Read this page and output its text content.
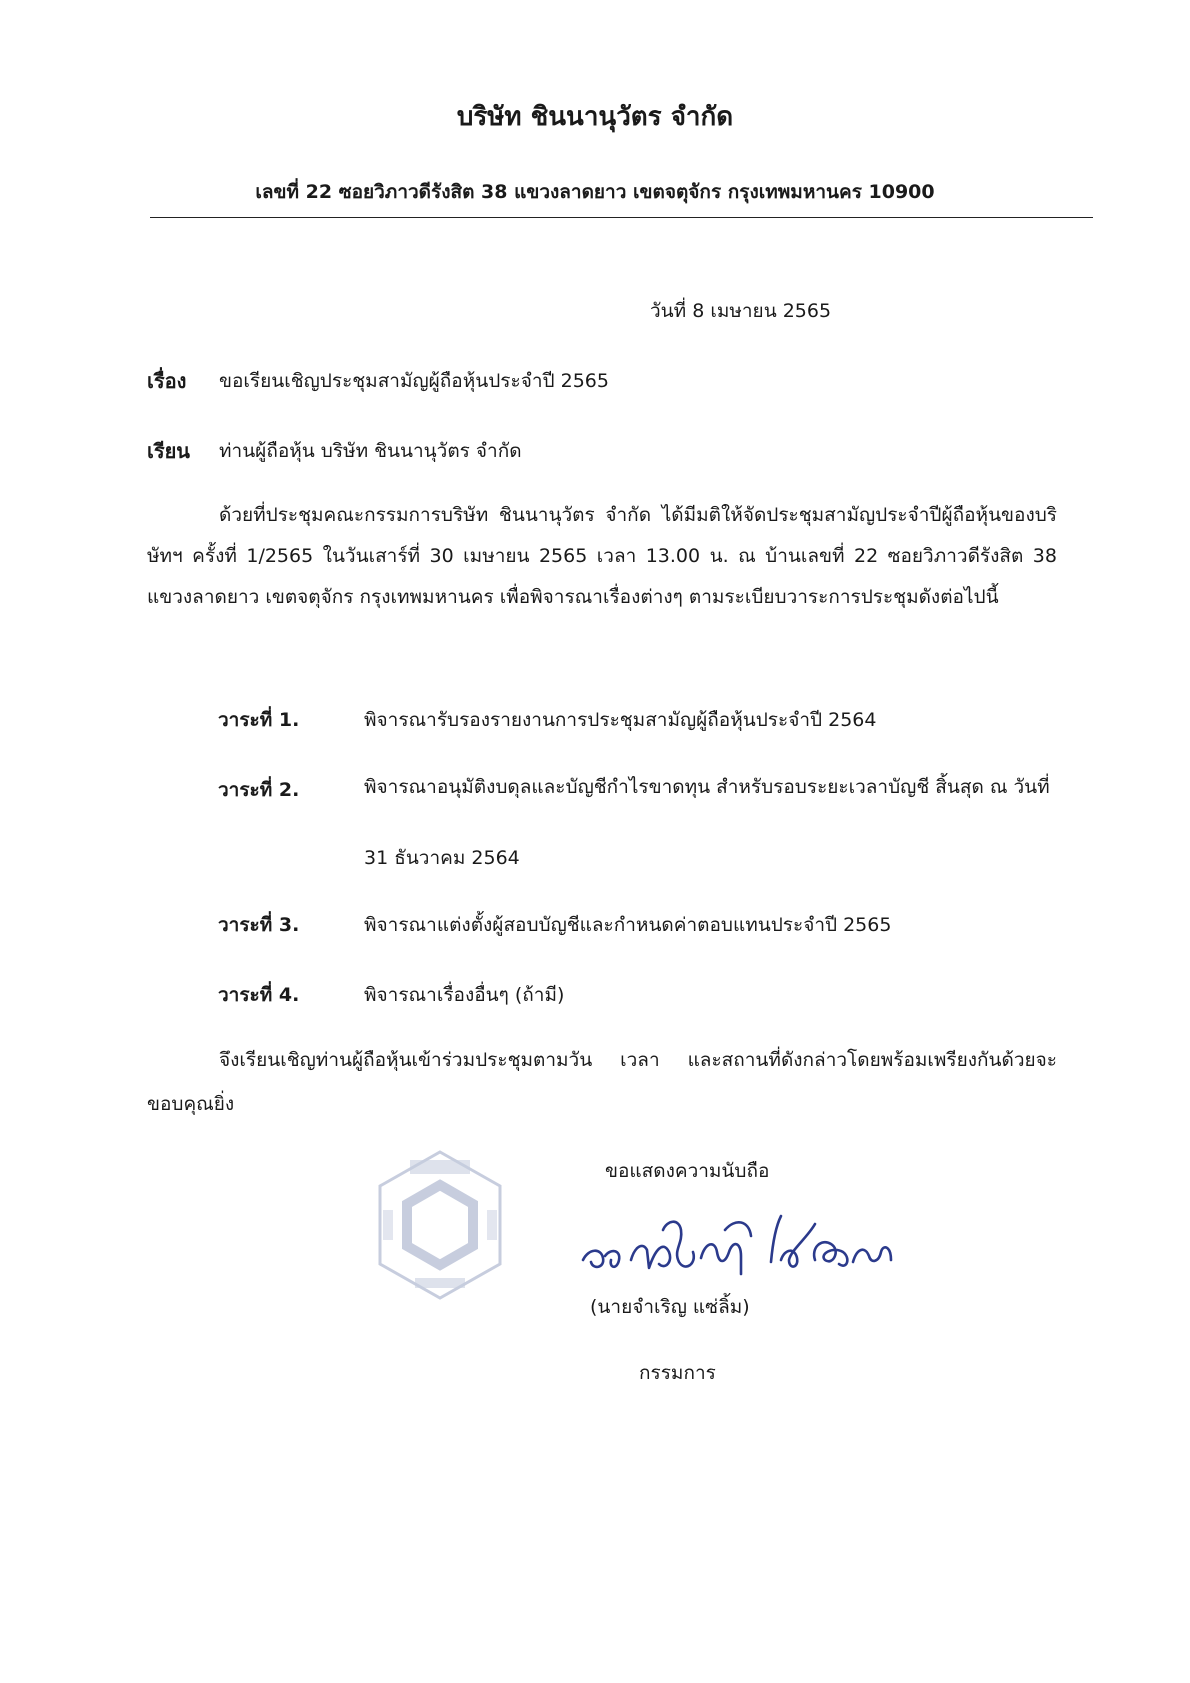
บริษัท ชินนานุวัตร จำกัด
เลขที่ 22 ซอยวิภาวดีรังสิต 38 แขวงลาดยาว เขตจตุจักร กรุงเทพมหานคร 10900
วันที่ 8 เมษายน 2565
เรื่อง ขอเรียนเชิญประชุมสามัญผู้ถือหุ้นประจำปี 2565
เรียน ท่านผู้ถือหุ้น บริษัท ชินนานุวัตร จำกัด
ด้วยที่ประชุมคณะกรรมการบริษัท ชินนานุวัตร จำกัด ได้มีมติให้จัดประชุมสามัญประจำปีผู้ถือหุ้นของบริษัทฯ ครั้งที่ 1/2565 ในวันเสาร์ที่ 30 เมษายน 2565 เวลา 13.00 น. ณ บ้านเลขที่ 22 ซอยวิภาวดีรังสิต 38 แขวงลาดยาว เขตจตุจักร กรุงเทพมหานคร เพื่อพิจารณาเรื่องต่างๆ ตามระเบียบวาระการประชุมดังต่อไปนี้
วาระที่ 1.	พิจารณารับรองรายงานการประชุมสามัญผู้ถือหุ้นประจำปี 2564
วาระที่ 2.	พิจารณาอนุมัติงบดุลและบัญชีกำไรขาดทุน สำหรับรอบระยะเวลาบัญชี สิ้นสุด ณ วันที่ 31 ธันวาคม 2564
วาระที่ 3.	พิจารณาแต่งตั้งผู้สอบบัญชีและกำหนดค่าตอบแทนประจำปี 2565
วาระที่ 4.	พิจารณาเรื่องอื่นๆ (ถ้ามี)
จึงเรียนเชิญท่านผู้ถือหุ้นเข้าร่วมประชุมตามวัน เวลา และสถานที่ดังกล่าวโดยพร้อมเพรียงกันด้วยจะขอบคุณยิ่ง
ขอแสดงความนับถือ
(นายจำเริญ แซ่ลิ้ม)
กรรมการ
